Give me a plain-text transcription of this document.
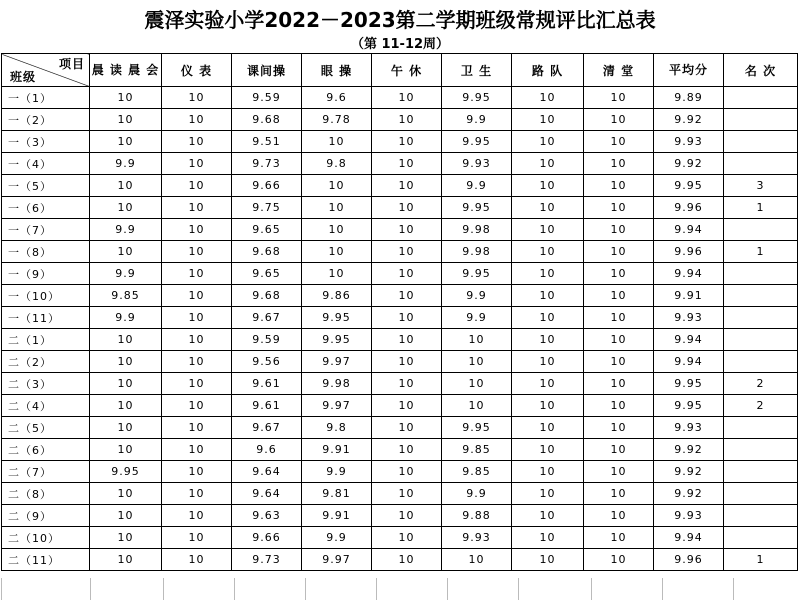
震泽实验小学2022－2023第二学期班级常规评比汇总表
（第 11-12周）
项目
班级	晨 读 晨 会	仪 表	课间操	眼 操	午 休	卫 生	路 队	清 堂	平均分	名 次
一（1）	10	10	9.59	9.6	10	9.95	10	10	9.89	
一（2）	10	10	9.68	9.78	10	9.9	10	10	9.92	
一（3）	10	10	9.51	10	10	9.95	10	10	9.93	
一（4）	9.9	10	9.73	9.8	10	9.93	10	10	9.92	
一（5）	10	10	9.66	10	10	9.9	10	10	9.95	3
一（6）	10	10	9.75	10	10	9.95	10	10	9.96	1
一（7）	9.9	10	9.65	10	10	9.98	10	10	9.94	
一（8）	10	10	9.68	10	10	9.98	10	10	9.96	1
一（9）	9.9	10	9.65	10	10	9.95	10	10	9.94	
一（10）	9.85	10	9.68	9.86	10	9.9	10	10	9.91	
一（11）	9.9	10	9.67	9.95	10	9.9	10	10	9.93	
二（1）	10	10	9.59	9.95	10	10	10	10	9.94	
二（2）	10	10	9.56	9.97	10	10	10	10	9.94	
二（3）	10	10	9.61	9.98	10	10	10	10	9.95	2
二（4）	10	10	9.61	9.97	10	10	10	10	9.95	2
二（5）	10	10	9.67	9.8	10	9.95	10	10	9.93	
二（6）	10	10	9.6	9.91	10	9.85	10	10	9.92	
二（7）	9.95	10	9.64	9.9	10	9.85	10	10	9.92	
二（8）	10	10	9.64	9.81	10	9.9	10	10	9.92	
二（9）	10	10	9.63	9.91	10	9.88	10	10	9.93	
二（10）	10	10	9.66	9.9	10	9.93	10	10	9.94	
二（11）	10	10	9.73	9.97	10	10	10	10	9.96	1
